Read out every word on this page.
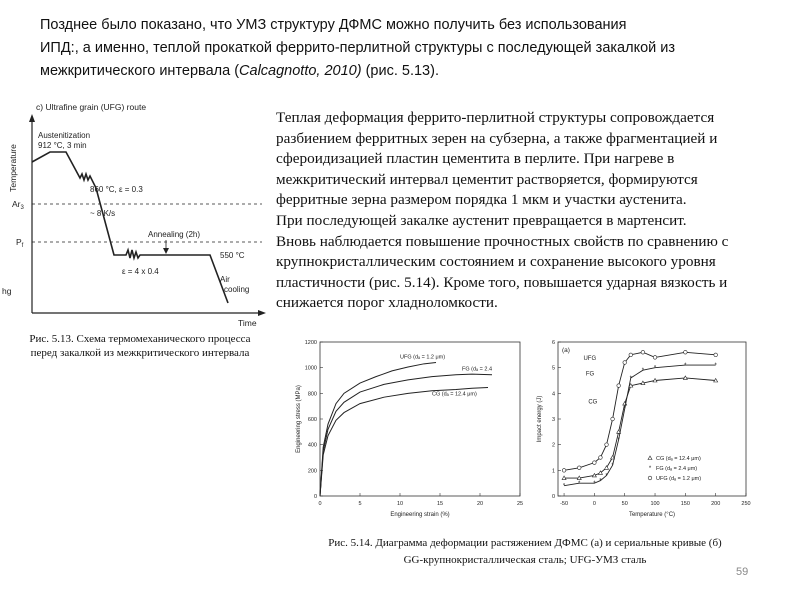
Позднее было показано, что УМЗ структуру ДФМС можно получить без использования
ИПД:, а именно, теплой прокаткой феррито-перлитной структуры с последующей закалкой из
межкритического интервала (Calcagnotto, 2010) (рис. 5.13).
c) Ultrafine grain (UFG) route
Temperature
Time
$Ar_3$
$P_f$
hg
Austenitization
912 °C, 3 min
860 °C, ε = 0.3
~ 8 K/s
Annealing (2h)
550 °C
ε = 4 x 0.4
Air
cooling
Рис. 5.13. Схема термомеханического процесса
перед закалкой из межкритического интервала
Теплая деформация феррито-перлитной структуры сопровождается
разбиением ферритных зерен на субзерна, а также фрагментацией и
сфероидизацией пластин цементита в перлите. При нагреве в
межкритический интервал цементит растворяется, формируются
ферритные зерна размером порядка 1 мкм и участки аустенита.
При последующей закалке аустенит превращается в мартенсит.
Вновь наблюдается повышение прочностных свойств по сравнению с
крупнокристаллическим состоянием и сохранение высокого уровня
пластичности (рис. 5.14). Кроме того, повышается ударная вязкость и
снижается порог хладноломкости.
0	5	10	15	20	25
0
200
400
600
800
1000
1200
Engineering strain (%)
Engineering stress (MPa)
UFG (dₐ = 1.2 μm)
FG (dₐ = 2.4
CG (dₐ = 12.4 μm)
(a)
-50	0	50	100	150	200	250
0
1
2
3
4
5
6
Temperature (°C)
Impact energy (J)
CG (dₐ = 12.4 μm)
* * * *
*
*
*
*
*
* *	*	*
* FG (dₐ = 2.4 μm)
UFG (dₐ = 1.2 μm)
UFG
FG
CG
Рис. 5.14. Диаграмма деформации растяжением ДФМС (а) и сериальные кривые (б)
GG-крупнокристаллическая сталь; UFG-УМЗ сталь
59
